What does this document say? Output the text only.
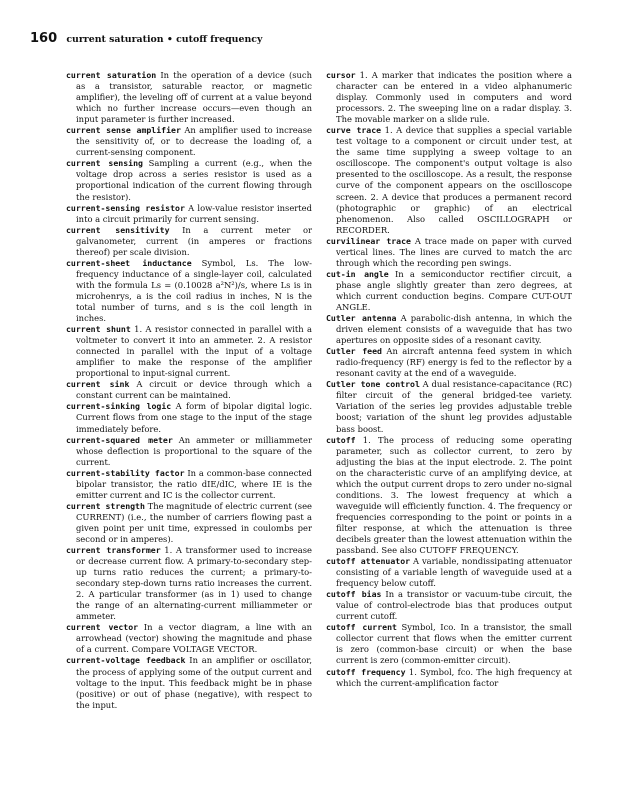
160 current saturation • cutoff frequency

current saturation In the operation of a device (such as a transistor, saturable reactor, or magnetic amplifier), the leveling off of current at a value beyond which no further increase occurs—even though an input parameter is further increased.

current sense amplifier An amplifier used to increase the sensitivity of, or to decrease the loading of, a current-sensing component.

current sensing Sampling a current (e.g., when the voltage drop across a series resistor is used as a proportional indication of the current flowing through the resistor).

current-sensing resistor A low-value resistor inserted into a circuit primarily for current sensing.

current sensitivity In a current meter or galvanometer, current (in amperes or fractions thereof) per scale division.

current-sheet inductance Symbol, Ls. The low-frequency inductance of a single-layer coil, calculated with the formula Ls = (0.10028 a²N²)/s, where Ls is in microhenrys, a is the coil radius in inches, N is the total number of turns, and s is the coil length in inches.

current shunt 1. A resistor connected in parallel with a voltmeter to convert it into an ammeter. 2. A resistor connected in parallel with the input of a voltage amplifier to make the response of the amplifier proportional to input-signal current.

current sink A circuit or device through which a constant current can be maintained.

current-sinking logic A form of bipolar digital logic. Current flows from one stage to the input of the stage immediately before.

current-squared meter An ammeter or milliammeter whose deflection is proportional to the square of the current.

current-stability factor In a common-base connected bipolar transistor, the ratio dIE/dIC, where IE is the emitter current and IC is the collector current.

current strength The magnitude of electric current (see CURRENT) (i.e., the number of carriers flowing past a given point per unit time, expressed in coulombs per second or in amperes).

current transformer 1. A transformer used to increase or decrease current flow. A primary-to-secondary step-up turns ratio reduces the current; a primary-to-secondary step-down turns ratio increases the current. 2. A particular transformer (as in 1) used to change the range of an alternating-current milliammeter or ammeter.

current vector In a vector diagram, a line with an arrowhead (vector) showing the magnitude and phase of a current. Compare VOLTAGE VECTOR.

current-voltage feedback In an amplifier or oscillator, the process of applying some of the output current and voltage to the input. This feedback might be in phase (positive) or out of phase (negative), with respect to the input.

cursor 1. A marker that indicates the position where a character can be entered in a video alphanumeric display. Commonly used in computers and word processors. 2. The sweeping line on a radar display. 3. The movable marker on a slide rule.

curve trace 1. A device that supplies a special variable test voltage to a component or circuit under test, at the same time supplying a sweep voltage to an oscilloscope. The component's output voltage is also presented to the oscilloscope. As a result, the response curve of the component appears on the oscilloscope screen. 2. A device that produces a permanent record (photographic or graphic) of an electrical phenomenon. Also called OSCILLOGRAPH or RECORDER.

curvilinear trace A trace made on paper with curved vertical lines. The lines are curved to match the arc through which the recording pen swings.

cut-in angle In a semiconductor rectifier circuit, a phase angle slightly greater than zero degrees, at which current conduction begins. Compare CUT-OUT ANGLE.

Cutler antenna A parabolic-dish antenna, in which the driven element consists of a waveguide that has two apertures on opposite sides of a resonant cavity.

Cutler feed An aircraft antenna feed system in which radio-frequency (RF) energy is fed to the reflector by a resonant cavity at the end of a waveguide.

Cutler tone control A dual resistance-capacitance (RC) filter circuit of the general bridged-tee variety. Variation of the series leg provides adjustable treble boost; variation of the shunt leg provides adjustable bass boost.

cutoff 1. The process of reducing some operating parameter, such as collector current, to zero by adjusting the bias at the input electrode. 2. The point on the characteristic curve of an amplifying device, at which the output current drops to zero under no-signal conditions. 3. The lowest frequency at which a waveguide will efficiently function. 4. The frequency or frequencies corresponding to the point or points in a filter response, at which the attenuation is three decibels greater than the lowest attenuation within the passband. See also CUTOFF FREQUENCY.

cutoff attenuator A variable, nondissipating attenuator consisting of a variable length of waveguide used at a frequency below cutoff.

cutoff bias In a transistor or vacuum-tube circuit, the value of control-electrode bias that produces output current cutoff.

cutoff current Symbol, Ico. In a transistor, the small collector current that flows when the emitter current is zero (common-base circuit) or when the base current is zero (common-emitter circuit).

cutoff frequency 1. Symbol, fco. The high frequency at which the current-amplification factor
